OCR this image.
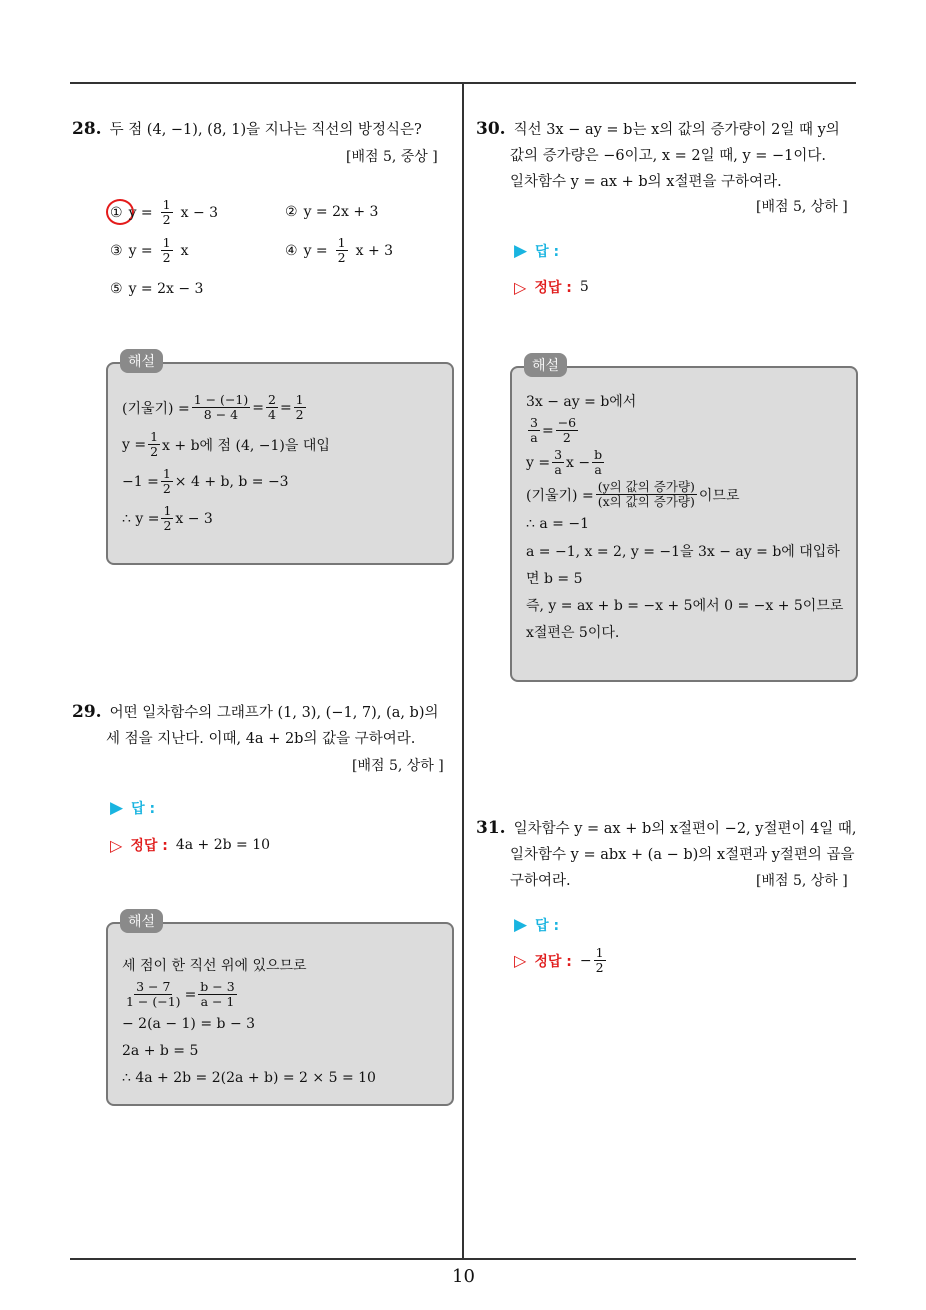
28. 두 점 (4, −1), (8, 1)을 지나는 직선의 방정식은?
[배점 5, 중상 ]
① $y = \frac{1}{2}$ x − 3	② y = 2x + 3
③ $y = \frac{1}{2}$ x	④ $y = \frac{1}{2}$ x + 3
⑤ y = 2x − 3
(기울기) = $\frac{1 - (-1)}{8 - 4} = \frac{2}{4} = \frac{1}{2}$
$y = \frac{1}{2}$ x + b에 점 (4, −1)을 대입
$-1 = \frac{1}{2} \times 4 + b$, b = −3
∴ $y = \frac{1}{2}$ x − 3
해설
29. 어떤 일차함수의 그래프가 (1, 3), (−1, 7), (a, b)의
세 점을 지난다. 이때, 4a + 2b의 값을 구하여라.
[배점 5, 상하 ]
▶ 답 :
▷ 정답 : 4a + 2b = 10
세 점이 한 직선 위에 있으므로
$\frac{3 - 7}{1 - (-1)} = \frac{b - 3}{a - 1}$
− 2(a − 1) = b − 3
2a + b = 5
∴ 4a + 2b = 2(2a + b) = 2 × 5 = 10
해설
30. 직선 3x − ay = b는 x의 값의 증가량이 2일 때 y의
값의 증가량은 −6이고, x = 2일 때, y = −1이다.
일차함수 y = ax + b의 x절편을 구하여라.
[배점 5, 상하 ]
▶ 답 :
▷ 정답 : 5
3x − ay = b에서
$\frac{3}{a} = \frac{-6}{2}$
$y = \frac{3}{a}$ $x - \frac{b}{a}$
(기울기) = $\frac{\text{(y의 값의 증가량)}}{\text{(x의 값의 증가량)}}$ 이므로
∴ a = −1
a = −1, x = 2, y = −1을 3x − ay = b에 대입하
면 b = 5
즉, y = ax + b = −x + 5에서 0 = −x + 5이므로
x절편은 5이다.
해설
31. 일차함수 y = ax + b의 x절편이 −2, y절편이 4일 때,
일차함수 y = abx + (a − b)의 x절편과 y절편의 곱을
구하여라.	[배점 5, 상하 ]
▶ 답 :
▷ 정답 : − $\frac{1}{2}$
10
